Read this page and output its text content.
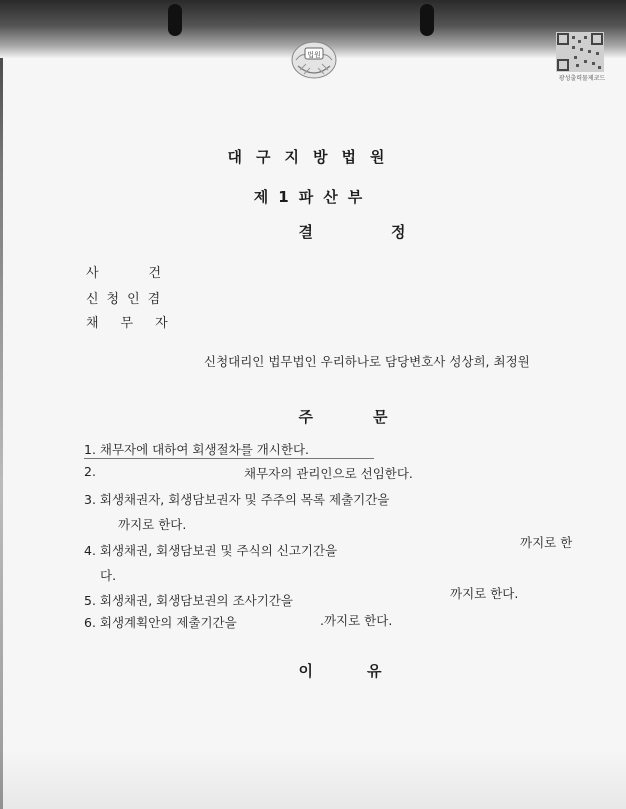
법원
광성출력물제코드
대구지방법원
제1파산부
결정
사건
신청인겸
채무자
신청대리인 법무법인 우리하나로 담당변호사 성상희, 최정원
주문
1. 채무자에 대하여 회생절차를 개시한다.
2.	채무자의 관리인으로 선임한다.
3. 회생채권자, 회생담보권자 및 주주의 목록 제출기간을
까지로 한다.
4. 회생채권, 회생담보권 및 주식의 신고기간을
까지로 한
다.
5. 회생채권, 회생담보권의 조사기간을	까지로 한다.
6. 회생계획안의 제출기간을	.까지로 한다.
이유
